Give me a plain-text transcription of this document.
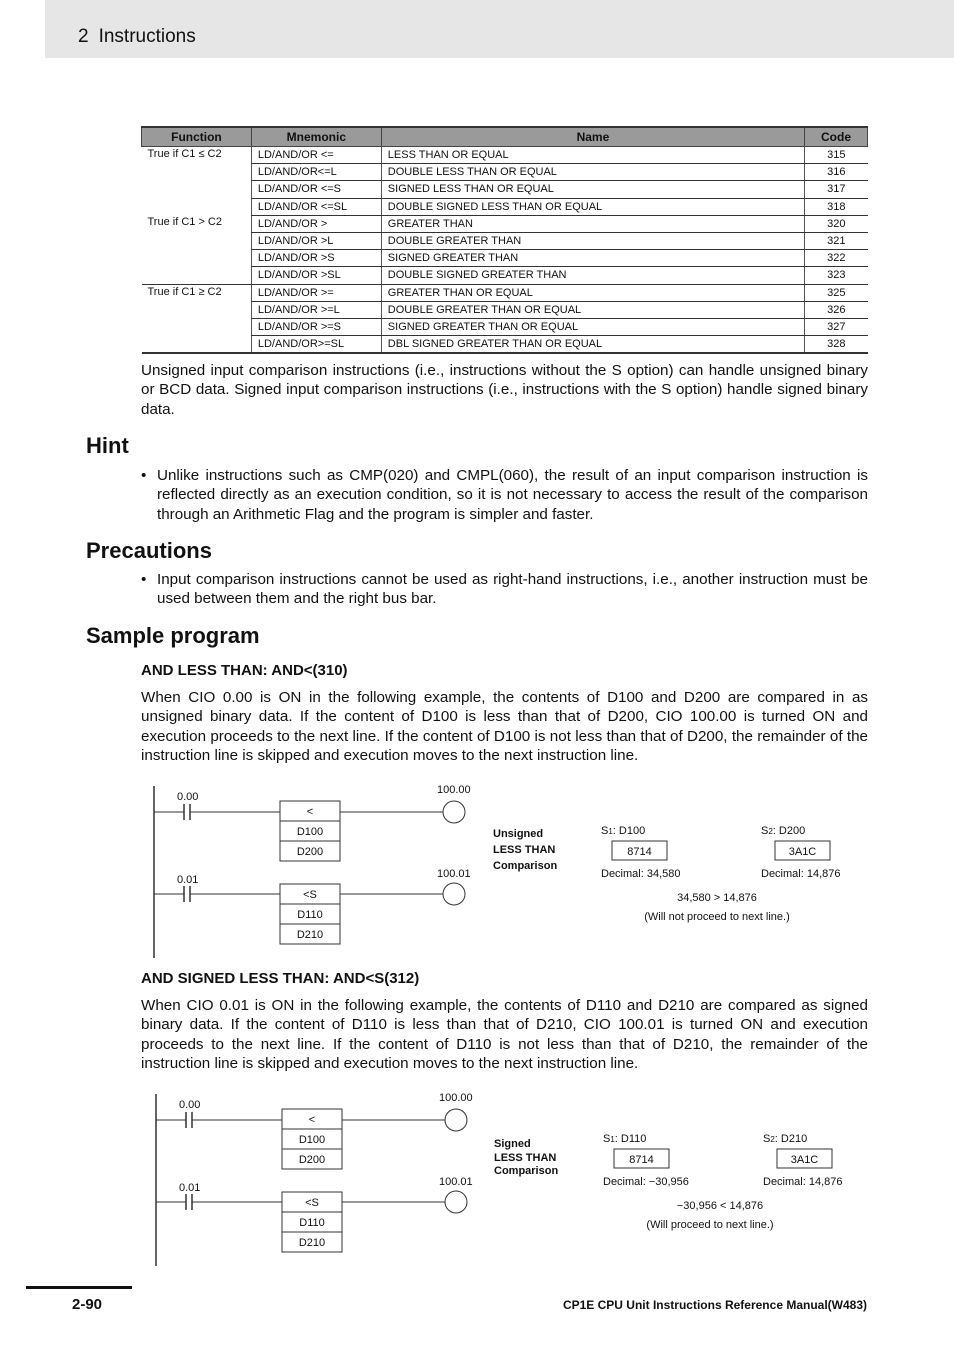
2 Instructions
Function	Mnemonic	Name	Code
True if C1 ≤ C2	LD/AND/OR <=	LESS THAN OR EQUAL	315
	LD/AND/OR<=L	DOUBLE LESS THAN OR EQUAL	316
	LD/AND/OR <=S	SIGNED LESS THAN OR EQUAL	317
	LD/AND/OR <=SL	DOUBLE SIGNED LESS THAN OR EQUAL	318
True if C1 > C2	LD/AND/OR >	GREATER THAN	320
	LD/AND/OR >L	DOUBLE GREATER THAN	321
	LD/AND/OR >S	SIGNED GREATER THAN	322
	LD/AND/OR >SL	DOUBLE SIGNED GREATER THAN	323
True if C1 ≥ C2	LD/AND/OR >=	GREATER THAN OR EQUAL	325
	LD/AND/OR >=L	DOUBLE GREATER THAN OR EQUAL	326
	LD/AND/OR >=S	SIGNED GREATER THAN OR EQUAL	327
	LD/AND/OR>=SL	DBL SIGNED GREATER THAN OR EQUAL	328
Unsigned input comparison instructions (i.e., instructions without the S option) can handle unsigned binary or BCD data. Signed input comparison instructions (i.e., instructions with the S option) handle signed binary data.
Hint
• Unlike instructions such as CMP(020) and CMPL(060), the result of an input comparison instruction is reflected directly as an execution condition, so it is not necessary to access the result of the comparison through an Arithmetic Flag and the program is simpler and faster.
Precautions
• Input comparison instructions cannot be used as right-hand instructions, i.e., another instruction must be used between them and the right bus bar.
Sample program
AND LESS THAN: AND<(310)
When CIO 0.00 is ON in the following example, the contents of D100 and D200 are compared in as unsigned binary data. If the content of D100 is less than that of D200, CIO 100.00 is turned ON and execution proceeds to the next line. If the content of D100 is not less than that of D200, the remainder of the instruction line is skipped and execution moves to the next instruction line.
0.00
<
D100
D200
100.00
0.01
<S
D110
D210
100.01
Unsigned
LESS THAN
Comparison
S1: D100
8714
Decimal: 34,580
S2: D200
3A1C
Decimal: 14,876
34,580 > 14,876
(Will not proceed to next line.)
AND SIGNED LESS THAN: AND<S(312)
When CIO 0.01 is ON in the following example, the contents of D110 and D210 are compared as signed binary data. If the content of D110 is less than that of D210, CIO 100.01 is turned ON and execution proceeds to the next line. If the content of D110 is not less than that of D210, the remainder of the instruction line is skipped and execution moves to the next instruction line.
0.00
<
D100
D200
100.00
0.01
<S
D110
D210
100.01
Signed
LESS THAN
Comparison
S1: D110
8714
Decimal: −30,956
S2: D210
3A1C
Decimal: 14,876
−30,956 < 14,876
(Will proceed to next line.)
2-90	CP1E CPU Unit Instructions Reference Manual(W483)
